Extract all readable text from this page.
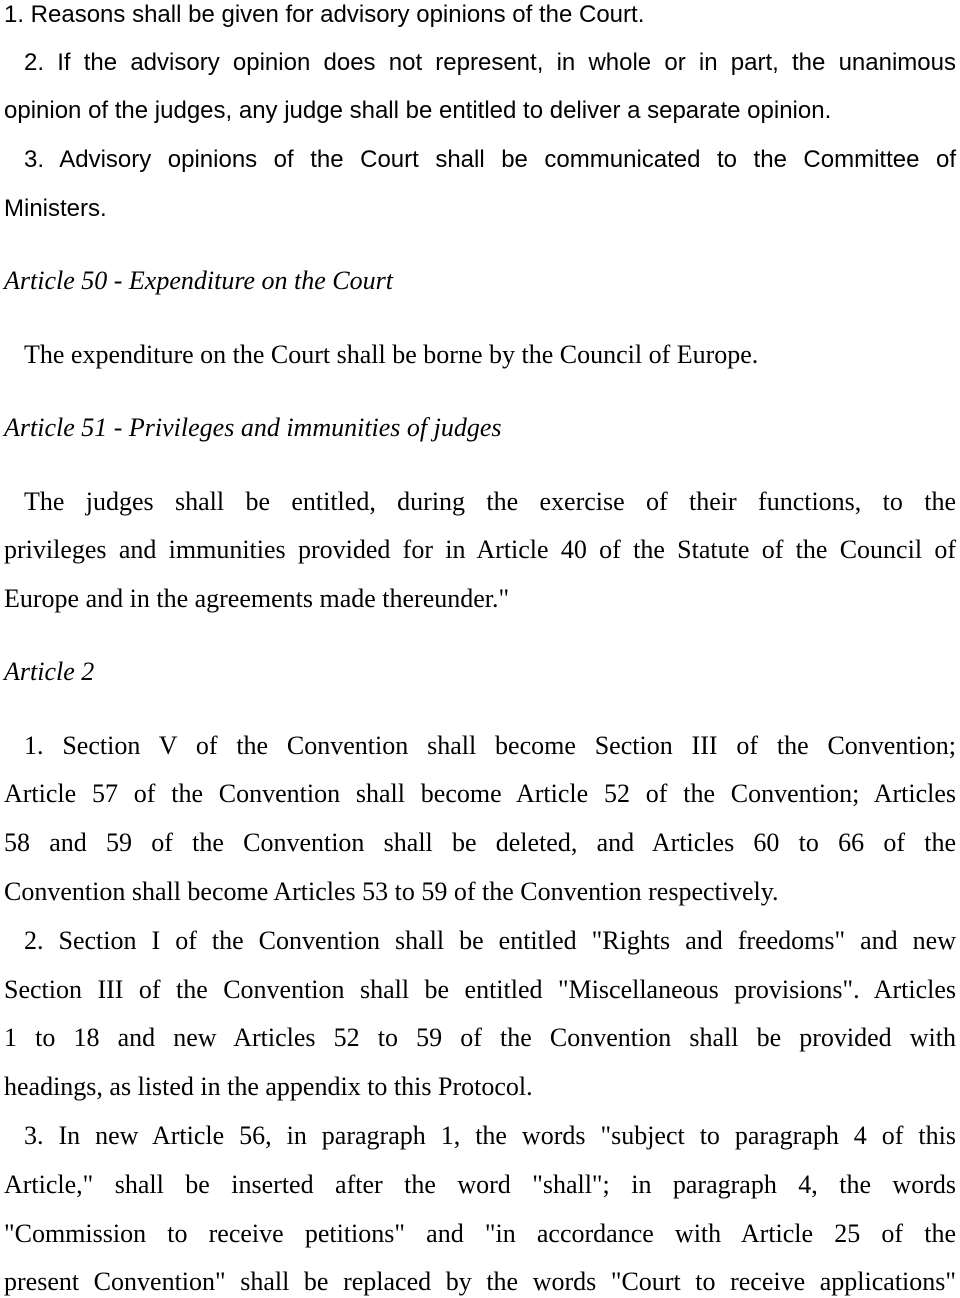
1. Reasons shall be given for advisory opinions of the Court.

2. If the advisory opinion does not represent, in whole or in part, the unanimous

opinion of the judges, any judge shall be entitled to deliver a separate opinion.

3. Advisory opinions of the Court shall be communicated to the Committee of

Ministers.

Article 50 - Expenditure on the Court

The expenditure on the Court shall be borne by the Council of Europe.

Article 51 - Privileges and immunities of judges

The judges shall be entitled, during the exercise of their functions, to the

privileges and immunities provided for in Article 40 of the Statute of the Council of

Europe and in the agreements made thereunder."

Article 2

1. Section V of the Convention shall become Section III of the Convention;

Article 57 of the Convention shall become Article 52 of the Convention; Articles

58 and 59 of the Convention shall be deleted, and Articles 60 to 66 of the

Convention shall become Articles 53 to 59 of the Convention respectively.

2. Section I of the Convention shall be entitled "Rights and freedoms" and new

Section III of the Convention shall be entitled "Miscellaneous provisions". Articles

1 to 18 and new Articles 52 to 59 of the Convention shall be provided with

headings, as listed in the appendix to this Protocol.

3. In new Article 56, in paragraph 1, the words "subject to paragraph 4 of this

Article," shall be inserted after the word "shall"; in paragraph 4, the words

"Commission to receive petitions" and "in accordance with Article 25 of the

present Convention" shall be replaced by the words "Court to receive applications"
